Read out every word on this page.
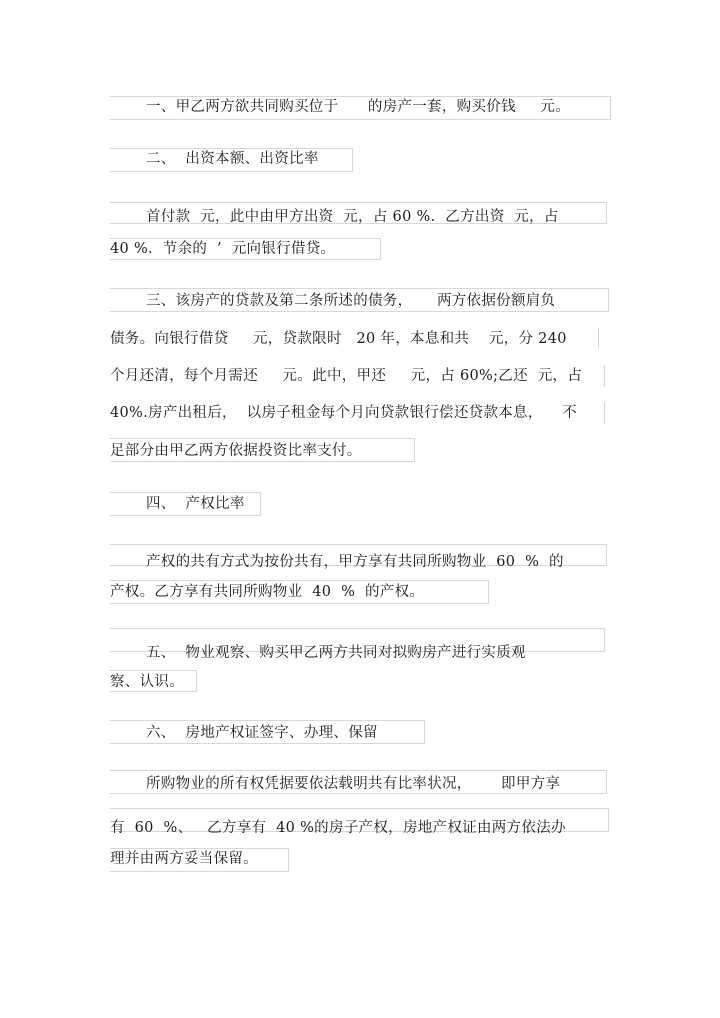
一、甲乙两方欲共同购买位于      的房产一套，购买价钱     元。
二、  出资本额、出资比率
首付款  元，此中由甲方出资  元，占 60 %.  乙方出资  元，占
40 %.  节余的  ’  元向银行借贷。
三、该房产的贷款及第二条所述的债务，     两方依据份额肩负
债务。向银行借贷     元，贷款限时   20 年，本息和共    元，分 240
个月还清，每个月需还     元。此中，甲还     元，占 60%;乙还  元，占
40%.房产出租后，  以房子租金每个月向贷款银行偿还贷款本息，    不
足部分由甲乙两方依据投资比率支付。
四、  产权比率
产权的共有方式为按份共有，甲方享有共同所购物业  60  %  的
产权。乙方享有共同所购物业  40  %  的产权。
五、  物业观察、购买甲乙两方共同对拟购房产进行实质观
察、认识。
六、  房地产权证签字、办理、保留
所购物业的所有权凭据要依法载明共有比率状况，      即甲方享
有  60  %、   乙方享有  40 %的房子产权，房地产权证由两方依法办
理并由两方妥当保留。
